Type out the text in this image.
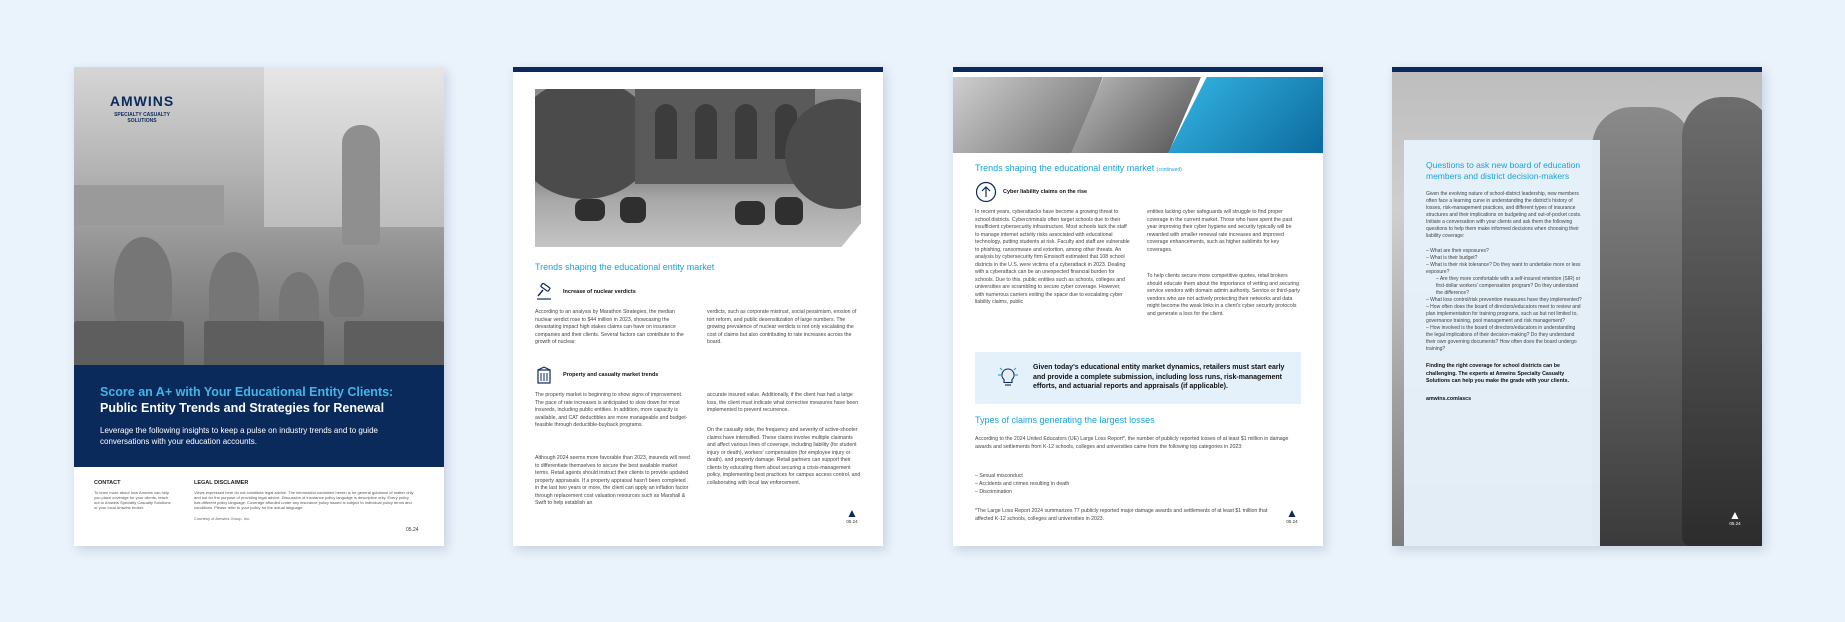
AMWINS
SPECIALTY CASUALTY SOLUTIONS
Score an A+ with Your Educational Entity Clients:
Public Entity Trends and Strategies for Renewal
Leverage the following insights to keep a pulse on industry trends and to guide conversations with your education accounts.
CONTACT
To learn more about how Amwins can help you place coverage for your clients, reach out to Amwins Specialty Casualty Solutions or your local Amwins broker.
LEGAL DISCLAIMER
Views expressed here do not constitute legal advice. The information contained herein is for general guidance of matter only and not for the purpose of providing legal advice. Discussion of insurance policy language is descriptive only. Every policy has different policy language. Coverage afforded under any insurance policy issued is subject to individual policy terms and conditions. Please refer to your policy for the actual language.
Courtesy of Amwins Group, Inc.
05.24
Trends shaping the educational entity market
Increase of nuclear verdicts
According to an analysis by Marathon Strategies, the median nuclear verdict rose to $44 million in 2023, showcasing the devastating impact high stakes claims can have on insurance companies and their clients. Several factors can contribute to the growth of nuclear
verdicts, such as corporate mistrust, social pessimism, erosion of tort reform, and public desensitization of large numbers. The growing prevalence of nuclear verdicts is not only escalating the cost of claims but also contributing to rate increases across the board.
Property and casualty market trends
The property market is beginning to show signs of improvement. The pace of rate increases is anticipated to slow down for most insureds, including public entities. In addition, more capacity is available, and CAT deductibles are more manageable and budget-feasible through deductible-buyback programs.
Although 2024 seems more favorable than 2023, insureds will need to differentiate themselves to secure the best available market terms. Retail agents should instruct their clients to provide updated property appraisals. If a property appraisal hasn't been completed in the last two years or more, the client can apply an inflation factor through replacement cost valuation resources such as Marshall & Swift to help establish an
accurate insured value. Additionally, if the client has had a large loss, the client must indicate what corrective measures have been implemented to prevent recurrence.
On the casualty side, the frequency and severity of active-shooter claims have intensified. These claims involve multiple claimants and affect various lines of coverage, including liability (for student injury or death), workers' compensation (for employee injury or death), and property damage. Retail partners can support their clients by educating them about securing a crisis-management policy, implementing best practices for campus access control, and collaborating with local law enforcement.
▲
05.24
Trends shaping the educational entity market (continued)
Cyber liability claims on the rise
In recent years, cyberattacks have become a growing threat to school districts. Cybercriminals often target schools due to their insufficient cybersecurity infrastructure. Most schools lack the staff to manage internet activity risks associated with educational technology, putting students at risk. Faculty and staff are vulnerable to phishing, ransomware and extortion, among other threats. An analysis by cybersecurity firm Emsisoft estimated that 108 school districts in the U.S. were victims of a cyberattack in 2023. Dealing with a cyberattack can be an unexpected financial burden for schools. Due to this, public entities such as schools, colleges and universities are scrambling to secure cyber coverage. However, with numerous carriers exiting the space due to escalating cyber liability claims, public
entities lacking cyber safeguards will struggle to find proper coverage in the current market. Those who have spent the past year improving their cyber hygiene and security typically will be rewarded with smaller renewal rate increases and improved coverage enhancements, such as higher sublimits for key coverages.
To help clients secure more competitive quotes, retail brokers should educate them about the importance of vetting and securing service vendors with domain admin authority. Service or third-party vendors who are not actively protecting their networks and data might become the weak links in a client's cyber security protocols and generate a loss for the client.
Given today's educational entity market dynamics, retailers must start early and provide a complete submission, including loss runs, risk-management efforts, and actuarial reports and appraisals (if applicable).
Types of claims generating the largest losses
According to the 2024 United Educators (UE) Large Loss Report*, the number of publicly reported losses of at least $1 million in damage awards and settlements from K-12 schools, colleges and universities came from the following top categories in 2023:
– Sexual misconduct
– Accidents and crimes resulting in death
– Discrimination
*The Large Loss Report 2024 summarizes 77 publicly reported major damage awards and settlements of at least $1 million that affected K-12 schools, colleges and universities in 2023.	▲
05.24
Questions to ask new board of education members and district decision-makers
Given the evolving nature of school-district leadership, new members often face a learning curve in understanding the district's history of losses, risk-management practices, and different types of insurance structures and their implications on budgeting and out-of-pocket costs. Initiate a conversation with your clients and ask them the following questions to help them make informed decisions when choosing their liability coverage:
– What are their exposures?
– What is their budget?
– What is their risk tolerance? Do they want to undertake more or less exposure?
– Are they more comfortable with a self-insured retention (SIR) or first-dollar workers' compensation program? Do they understand the difference?
– What loss control/risk prevention measures have they implemented?
– How often does the board of directors/educators meet to review and plan implementation for training programs, such as but not limited to, governance training, pool management and risk management?
– How involved is the board of directors/educators in understanding the legal implications of their decision-making? Do they understand their own governing documents? How often does the board undergo training?
Finding the right coverage for school districts can be challenging. The experts at Amwins Specialty Casualty Solutions can help you make the grade with your clients.
amwins.com/ascs
▲
05.24
